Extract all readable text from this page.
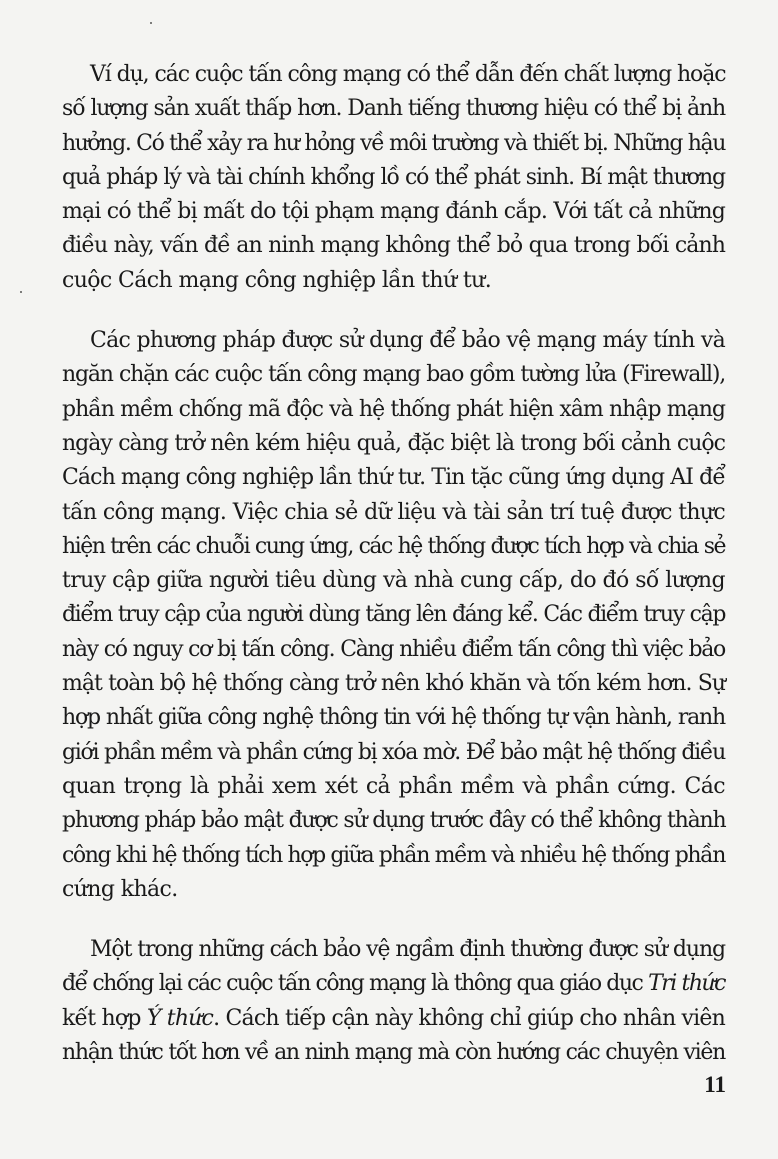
Ví dụ, các cuộc tấn công mạng có thể dẫn đến chất lượng hoặc
số lượng sản xuất thấp hơn. Danh tiếng thương hiệu có thể bị ảnh
hưởng. Có thể xảy ra hư hỏng về môi trường và thiết bị. Những hậu
quả pháp lý và tài chính khổng lồ có thể phát sinh. Bí mật thương
mại có thể bị mất do tội phạm mạng đánh cắp. Với tất cả những
điều này, vấn đề an ninh mạng không thể bỏ qua trong bối cảnh
cuộc Cách mạng công nghiệp lần thứ tư.
Các phương pháp được sử dụng để bảo vệ mạng máy tính và
ngăn chặn các cuộc tấn công mạng bao gồm tường lửa (Firewall),
phần mềm chống mã độc và hệ thống phát hiện xâm nhập mạng
ngày càng trở nên kém hiệu quả, đặc biệt là trong bối cảnh cuộc
Cách mạng công nghiệp lần thứ tư. Tin tặc cũng ứng dụng AI để
tấn công mạng. Việc chia sẻ dữ liệu và tài sản trí tuệ được thực
hiện trên các chuỗi cung ứng, các hệ thống được tích hợp và chia sẻ
truy cập giữa người tiêu dùng và nhà cung cấp, do đó số lượng
điểm truy cập của người dùng tăng lên đáng kể. Các điểm truy cập
này có nguy cơ bị tấn công. Càng nhiều điểm tấn công thì việc bảo
mật toàn bộ hệ thống càng trở nên khó khăn và tốn kém hơn. Sự
hợp nhất giữa công nghệ thông tin với hệ thống tự vận hành, ranh
giới phần mềm và phần cứng bị xóa mờ. Để bảo mật hệ thống điều
quan trọng là phải xem xét cả phần mềm và phần cứng. Các
phương pháp bảo mật được sử dụng trước đây có thể không thành
công khi hệ thống tích hợp giữa phần mềm và nhiều hệ thống phần
cứng khác.
Một trong những cách bảo vệ ngầm định thường được sử dụng
để chống lại các cuộc tấn công mạng là thông qua giáo dục Tri thức
kết hợp Ý thức. Cách tiếp cận này không chỉ giúp cho nhân viên
nhận thức tốt hơn về an ninh mạng mà còn hướng các chuyên viên
11
